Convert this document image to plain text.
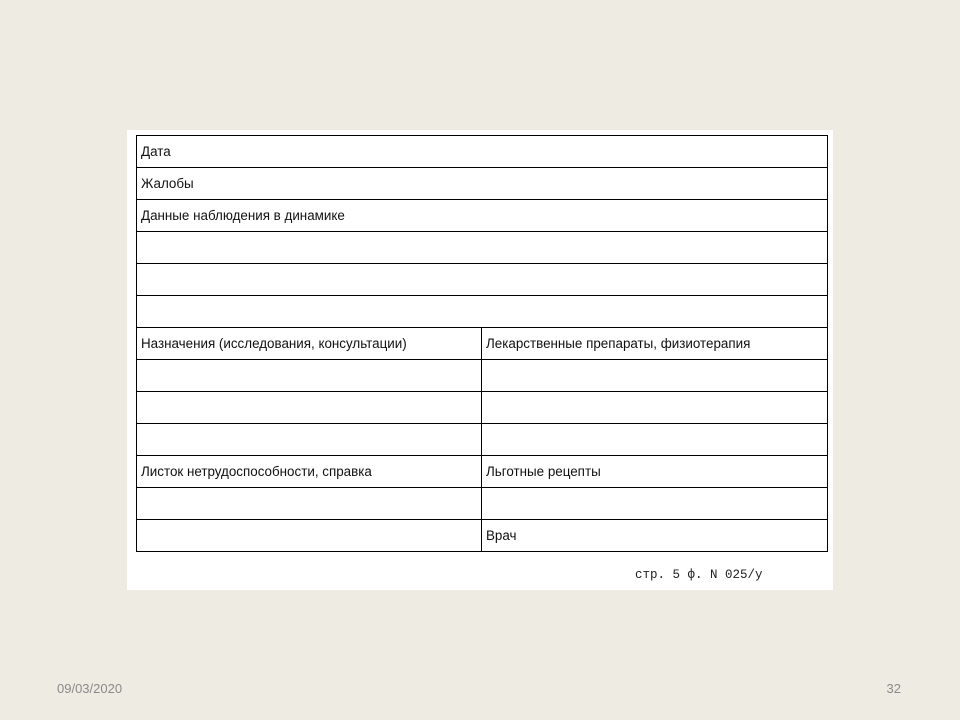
Дата	
Жалобы	
Данные наблюдения в динамике	

Назначения (исследования, консультации)	Лекарственные препараты, физиотерапия

Листок нетрудоспособности, справка	Льготные рецепты

	Врач
стр. 5 ф. N 025/у
09/03/2020	32
